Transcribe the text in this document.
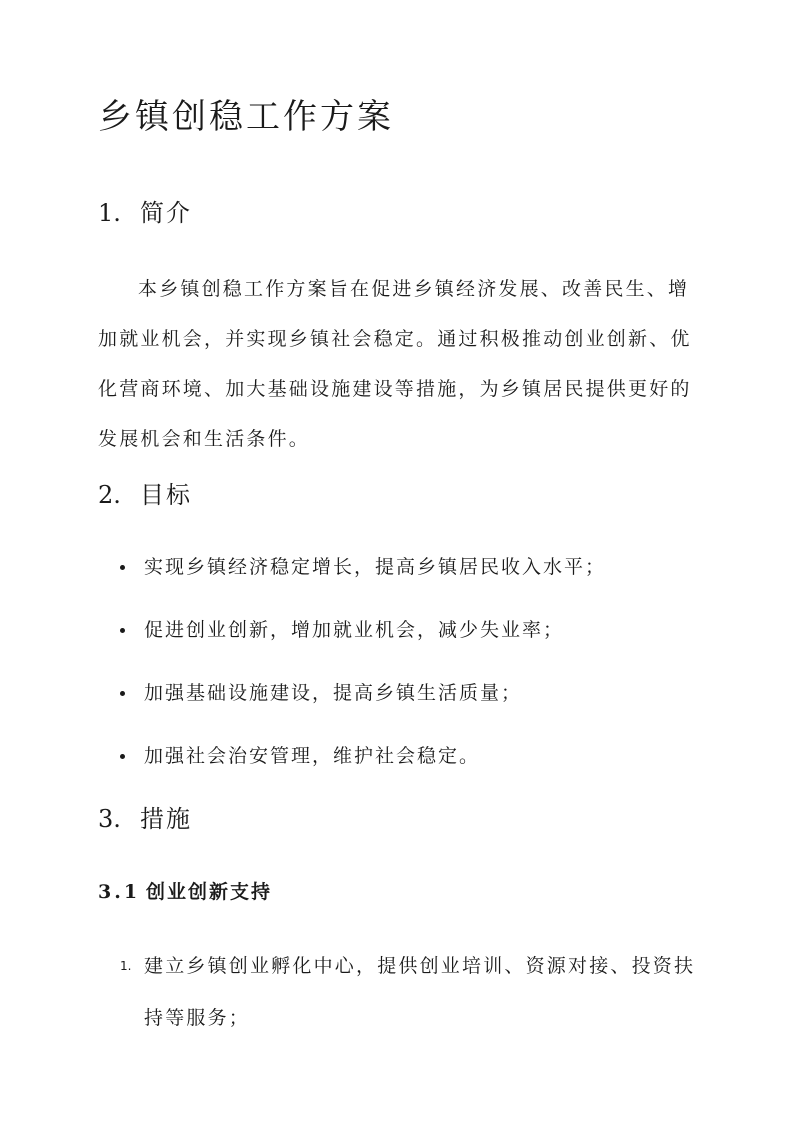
乡镇创稳工作方案
1. 简介

本乡镇创稳工作方案旨在促进乡镇经济发展、改善民生、增加就业机会，并实现乡镇社会稳定。通过积极推动创业创新、优化营商环境、加大基础设施建设等措施，为乡镇居民提供更好的发展机会和生活条件。

2. 目标
实现乡镇经济稳定增长，提高乡镇居民收入水平；
促进创业创新，增加就业机会，减少失业率；
加强基础设施建设，提高乡镇生活质量；
加强社会治安管理，维护社会稳定。
3. 措施
3.1 创业创新支持
1. 建立乡镇创业孵化中心，提供创业培训、资源对接、投资扶持等服务；
